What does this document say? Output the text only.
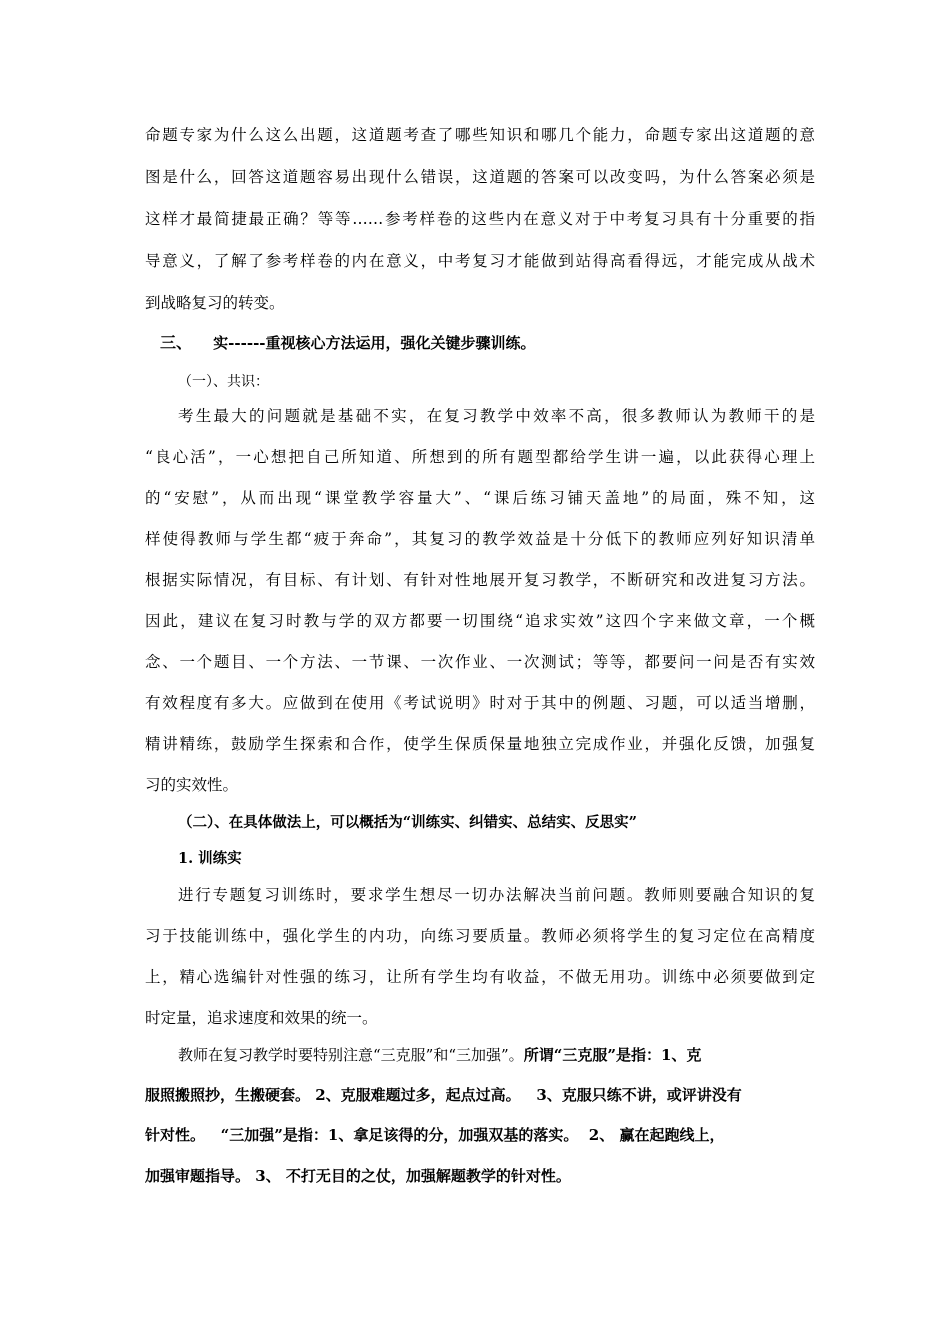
命题专家为什么这么出题，这道题考查了哪些知识和哪几个能力，命题专家出这道题的意
图是什么，回答这道题容易出现什么错误，这道题的答案可以改变吗，为什么答案必须是
这样才最简捷最正确？等等……参考样卷的这些内在意义对于中考复习具有十分重要的指
导意义，了解了参考样卷的内在意义，中考复习才能做到站得高看得远，才能完成从战术
到战略复习的转变。
三、 实------重视核心方法运用，强化关键步骤训练。
（一）、共识：
考生最大的问题就是基础不实，在复习教学中效率不高，很多教师认为教师干的是
“良心活”，一心想把自己所知道、所想到的所有题型都给学生讲一遍，以此获得心理上
的“安慰”，从而出现“课堂教学容量大”、“课后练习铺天盖地”的局面，殊不知，这
样使得教师与学生都“疲于奔命”，其复习的教学效益是十分低下的教师应列好知识清单
根据实际情况，有目标、有计划、有针对性地展开复习教学，不断研究和改进复习方法。
因此，建议在复习时教与学的双方都要一切围绕“追求实效”这四个字来做文章，一个概
念、一个题目、一个方法、一节课、一次作业、一次测试；等等，都要问一问是否有实效
有效程度有多大。应做到在使用《考试说明》时对于其中的例题、习题，可以适当增删，
精讲精练，鼓励学生探索和合作，使学生保质保量地独立完成作业，并强化反馈，加强复
习的实效性。
（二）、在具体做法上，可以概括为“训练实、纠错实、总结实、反思实”
1. 训练实
进行专题复习训练时，要求学生想尽一切办法解决当前问题。教师则要融合知识的复
习于技能训练中，强化学生的内功，向练习要质量。教师必须将学生的复习定位在高精度
上，精心选编针对性强的练习，让所有学生均有收益，不做无用功。训练中必须要做到定
时定量，追求速度和效果的统一。
教师在复习教学时要特别注意“三克服”和“三加强”。所谓“三克服”是指：1、克
服照搬照抄，生搬硬套。 2、克服难题过多，起点过高。   3、克服只练不讲，或评讲没有
针对性。   “三加强”是指：1、拿足该得的分，加强双基的落实。  2、 赢在起跑线上，
加强审题指导。 3、 不打无目的之仗，加强解题教学的针对性。
